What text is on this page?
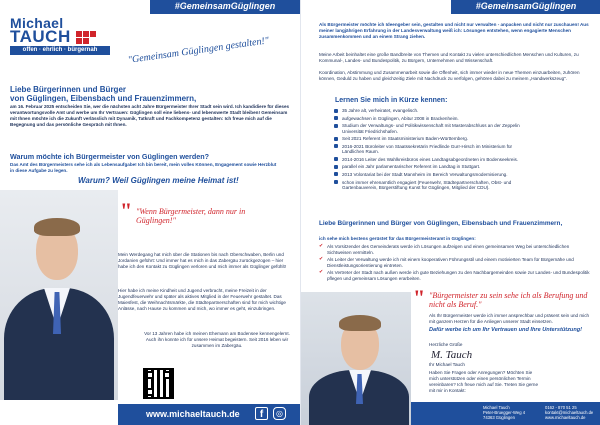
#GemeinsamGüglingen
Michael
TAUCH
offen · ehrlich · bürgernah	"Gemeinsam Güglingen gestalten!"
Liebe Bürgerinnen und Bürger
von Güglingen, Eibensbach und Frauenzimmern,
am 16. Februar 2025 entscheiden Sie, wer die nächsten acht Jahre Bürgermeister Ihrer Stadt sein wird. Ich kandidiere für dieses verantwortungsvolle Amt und werbe um Ihr Vertrauen: Güglingen soll eine liebens- und lebenswerte Stadt bleiben! Gemeinsam mit Ihnen möchte ich die Zukunft verlässlich mit Dynamik, Tatkraft und Fachkompetenz gestalten: Ich freue mich auf die Begegnung und das persönliche Gespräch mit Ihnen.
Warum möchte ich Bürgermeister von Güglingen werden?
Das Amt des Bürgermeisters sehe ich als Lebensaufgabe! Ich bin bereit, mein volles Können, Engagement sowie Herzblut in diese Aufgabe zu legen.
Warum? Weil Güglingen meine Heimat ist!
" "Wenn Bürgermeister, dann nur in Güglingen!"
Mein Werdegang hat mich über die Stationen bis nach Oberschwaben, Berlin und Jordanien geführt: Und immer hat es mich in das Zabergäu zurückgezogen – hier habe ich den Kontakt zu Güglingen verloren und mich immer als Güglinger gefühlt!
Hier habe ich meine Kindheit und Jugend verbracht, meine Freizeit in der Jugendfeuerwehr und später als aktives Mitglied in der Feuerwehr gestaltet. Das Maiesfest, die Weihnachtsmärkte, die Städtepartnerschaften sind für mich wichtige Anlässe, nach Hause zu kommen und mich, wo immer es geht, einzubringen.
Vor 13 Jahren habe ich meinen Ehemann am Bodensee kennengelernt. Auch ihn konnte ich für unsere Heimat begeistern. Seit 2016 leben wir zusammen im Zabergäu.
www.michaeltauch.de	f	◎
#GemeinsamGüglingen
Als Bürgermeister möchte ich Ideengeber sein, gestalten und nicht nur verwalten - anpacken und nicht nur zuschauen! Aus meiner langjährigen Erfahrung in der Landesverwaltung weiß ich: Lösungen entstehen, wenn engagierte Menschen zusammenkommen und an einem Strang ziehen.
Meine Arbeit beinhaltet eine große Bandbreite von Themen und Kontakt zu vielen unterschiedlichen Menschen und Kulturen, zu Kommunal-, Landes- und Bundespolitik, zu Bürgern, Unternehmen und Wissenschaft.
Koordination, Abstimmung und Zusammenarbeit sowie die Offenheit, sich immer wieder in neue Themen einzuarbeiten, zuhören können, Geduld zu haben und gleichzeitig Ziele mit Nachdruck zu verfolgen, gehören dabei zu meinem „Handwerkszeug".
Lernen Sie mich in Kürze kennen:
35 Jahre alt, verheiratet, evangelisch.
aufgewachsen in Güglingen, Abitur 2008 in Brackenheim.
Studium der Verwaltungs- und Politikwissenschaft mit Masterabschluss an der Zeppelin Universität Friedrichshafen.
Seit 2021 Referent im Staatsministerium Baden-Württemberg.
2016-2021 Büroleiter von Staatssekretärin Friedlinde Gurr-Hirsch im Ministerium für Ländlichen Raum.
2014-2016 Leiter des Wahlkreisbüros eines Landtagsabgeordneten im Bodenseekreis.
parallel ein Jahr parlamentarischer Referent im Landtag in Stuttgart.
2013 Volontariat bei der Stadt Mannheim im Bereich Verwaltungsmodernisierung.
schon immer ehrenamtlich engagiert (Feuerwehr, Städtepartnerschaften, Obst- und Gartenbauverein, Bürgerstiftung Kunst für Güglingen, Mitglied der CDU).
Liebe Bürgerinnen und Bürger von Güglingen, Eibensbach und Frauenzimmern,
ich sehe mich bestens gerüstet für das Bürgermeisteramt in Güglingen:
✔ Als Vorsitzender des Gemeinderats werde ich Lösungen aufzeigen und einen gemeinsamen Weg bei unterschiedlichen Sichtweisen vermitteln.
✔ Als Leiter der Verwaltung werde ich mit einem kooperativen Führungsstil und einem motivierten Team für Bürgernähe und Dienstleistungsorientierung eintreten.
✔ Als Vertreter der Stadt nach außen werde ich gute Beziehungen zu den Nachbargemeinden sowie zur Landes- und Bundespolitik pflegen und gemeinsam Lösungen erarbeiten.
" "Bürgermeister zu sein sehe ich als Berufung und nicht als Beruf."
Als Ihr Bürgermeister werde ich immer ansprechbar und präsent sein und mich mit ganzem Herzen für die Anliegen unserer Stadt einsetzen.
Dafür werbe ich um Ihr Vertrauen und Ihre Unterstützung!
Herzliche Grüße
M. Tauch
Ihr Michael Tauch
Haben Sie Fragen oder Anregungen? Möchten Sie mich unterstützen oder einen persönlichen Termin vereinbaren? Ich freue mich auf Sie. Treten Sie gerne mit mir in Kontakt:
Michael Tauch
Peter-Bruegger-Weg 4
74363 Güglingen
0162 - 870 51 25
kontakt@michaeltauch.de
www.michaeltauch.de
